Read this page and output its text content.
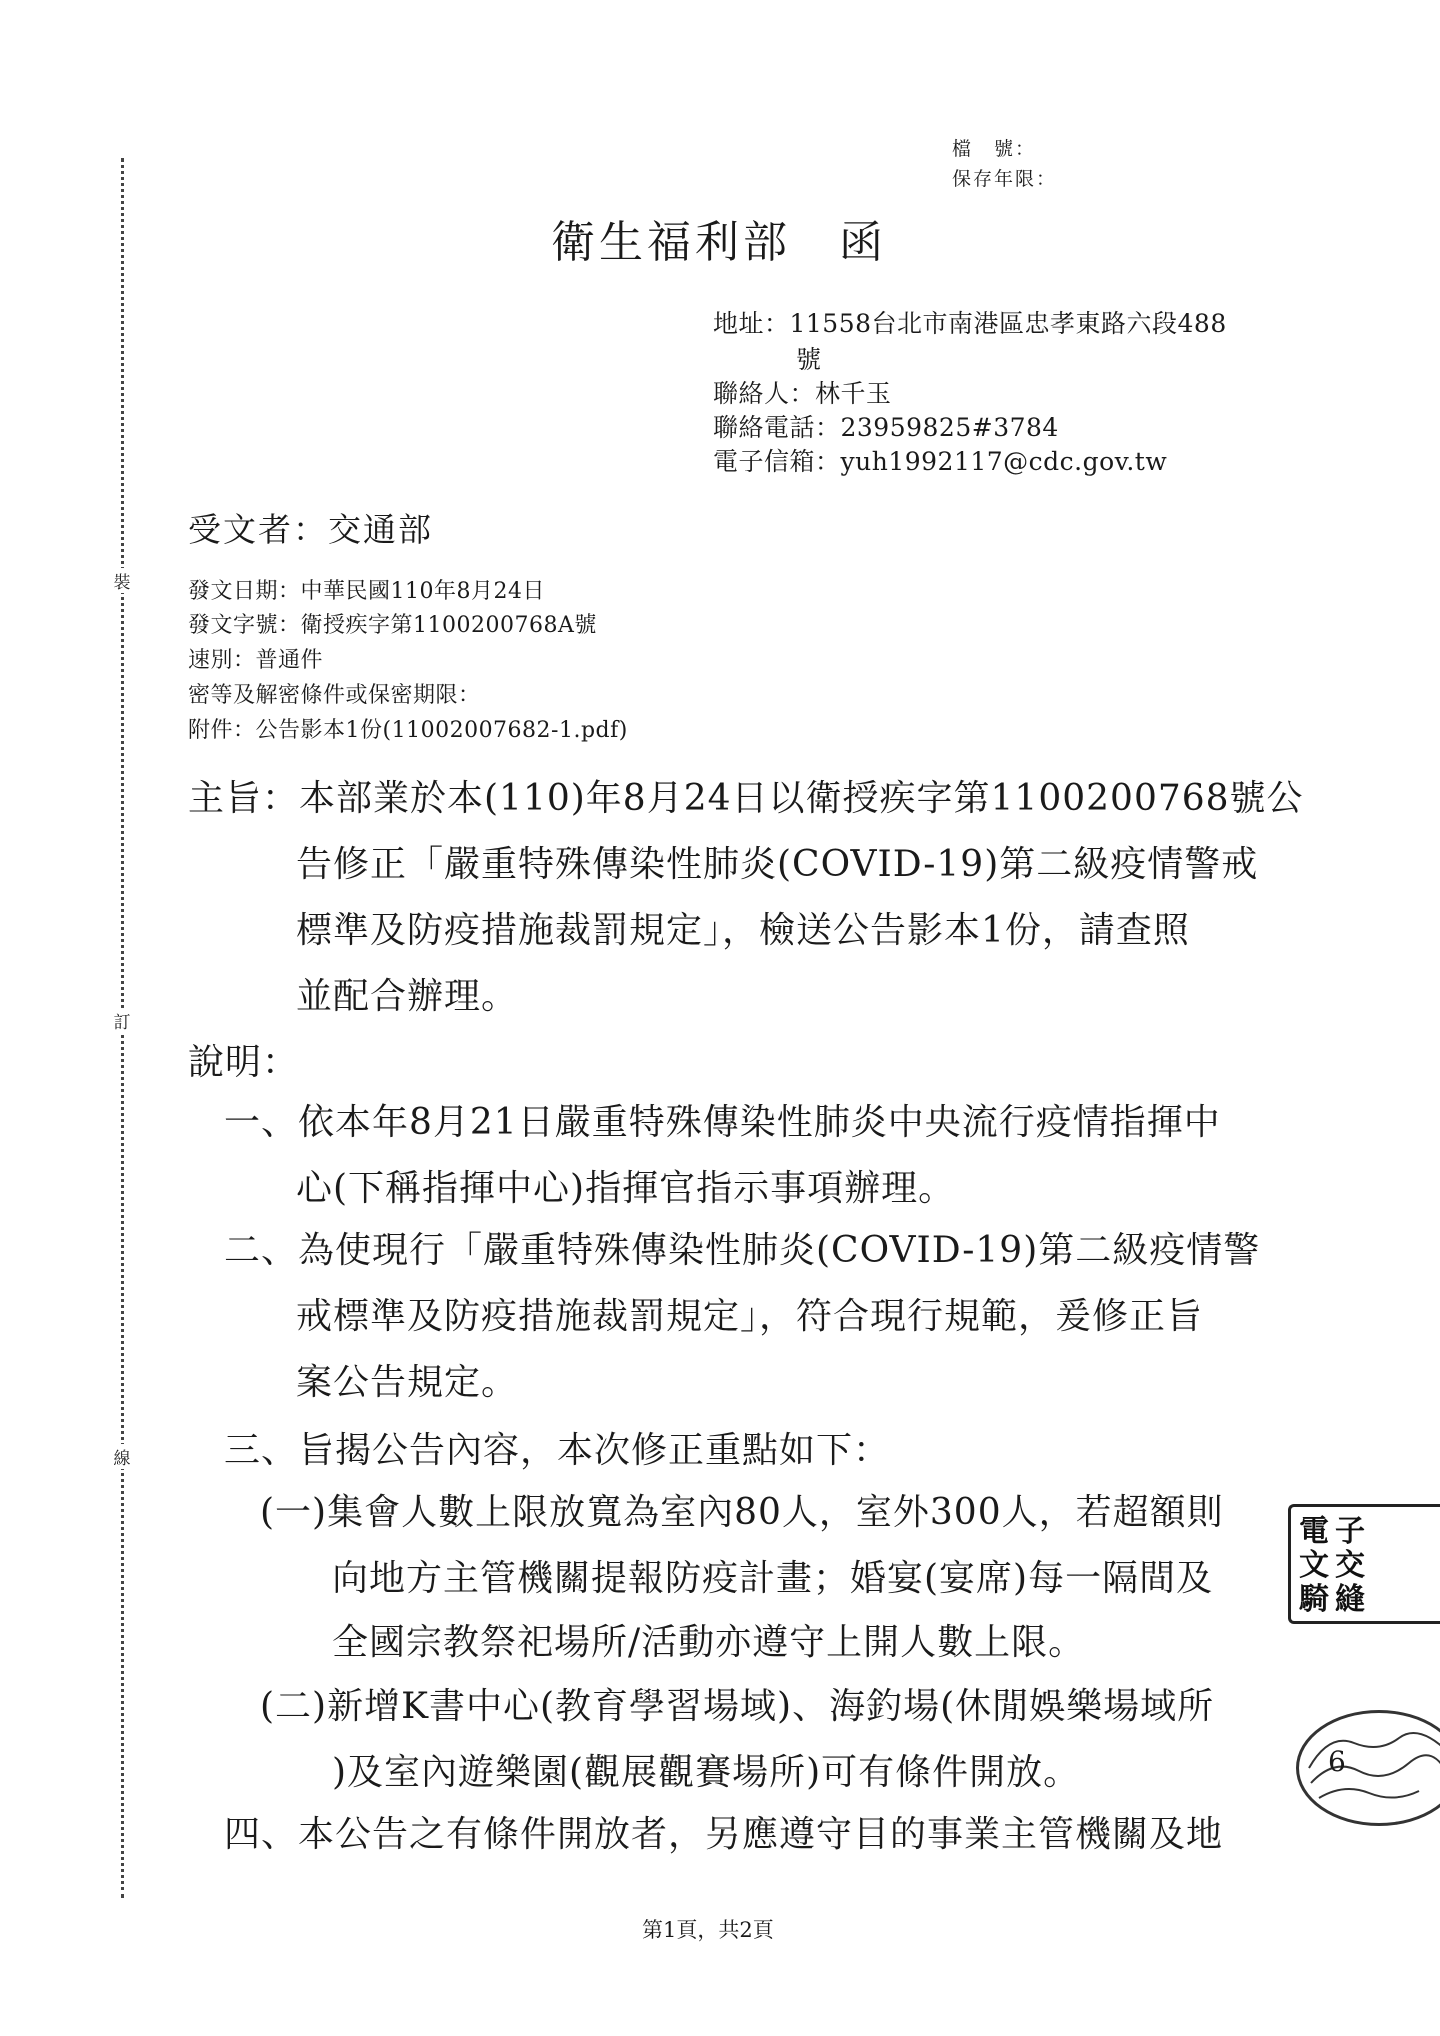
裝
訂
線
檔　號：
保存年限：
衛生福利部　函
地址：11558台北市南港區忠孝東路六段488
號
聯絡人：林千玉
聯絡電話：23959825#3784
電子信箱：yuh1992117@cdc.gov.tw
受文者：交通部
發文日期：中華民國110年8月24日
發文字號：衛授疾字第1100200768A號
速別：普通件
密等及解密條件或保密期限：
附件：公告影本1份(11002007682-1.pdf)
主旨：本部業於本(110)年8月24日以衛授疾字第1100200768號公
告修正「嚴重特殊傳染性肺炎(COVID-19)第二級疫情警戒
標準及防疫措施裁罰規定」，檢送公告影本1份，請查照
並配合辦理。
說明：
一、依本年8月21日嚴重特殊傳染性肺炎中央流行疫情指揮中
心(下稱指揮中心)指揮官指示事項辦理。
二、為使現行「嚴重特殊傳染性肺炎(COVID-19)第二級疫情警
戒標準及防疫措施裁罰規定」，符合現行規範，爰修正旨
案公告規定。
三、旨揭公告內容，本次修正重點如下：
(一)集會人數上限放寬為室內80人，室外300人，若超額則
向地方主管機關提報防疫計畫；婚宴(宴席)每一隔間及
全國宗教祭祀場所/活動亦遵守上開人數上限。
(二)新增K書中心(教育學習場域)、海釣場(休閒娛樂場域所
)及室內遊樂園(觀展觀賽場所)可有條件開放。
四、本公告之有條件開放者，另應遵守目的事業主管機關及地
第1頁，共2頁
電
文
騎
子
交
縫
6
